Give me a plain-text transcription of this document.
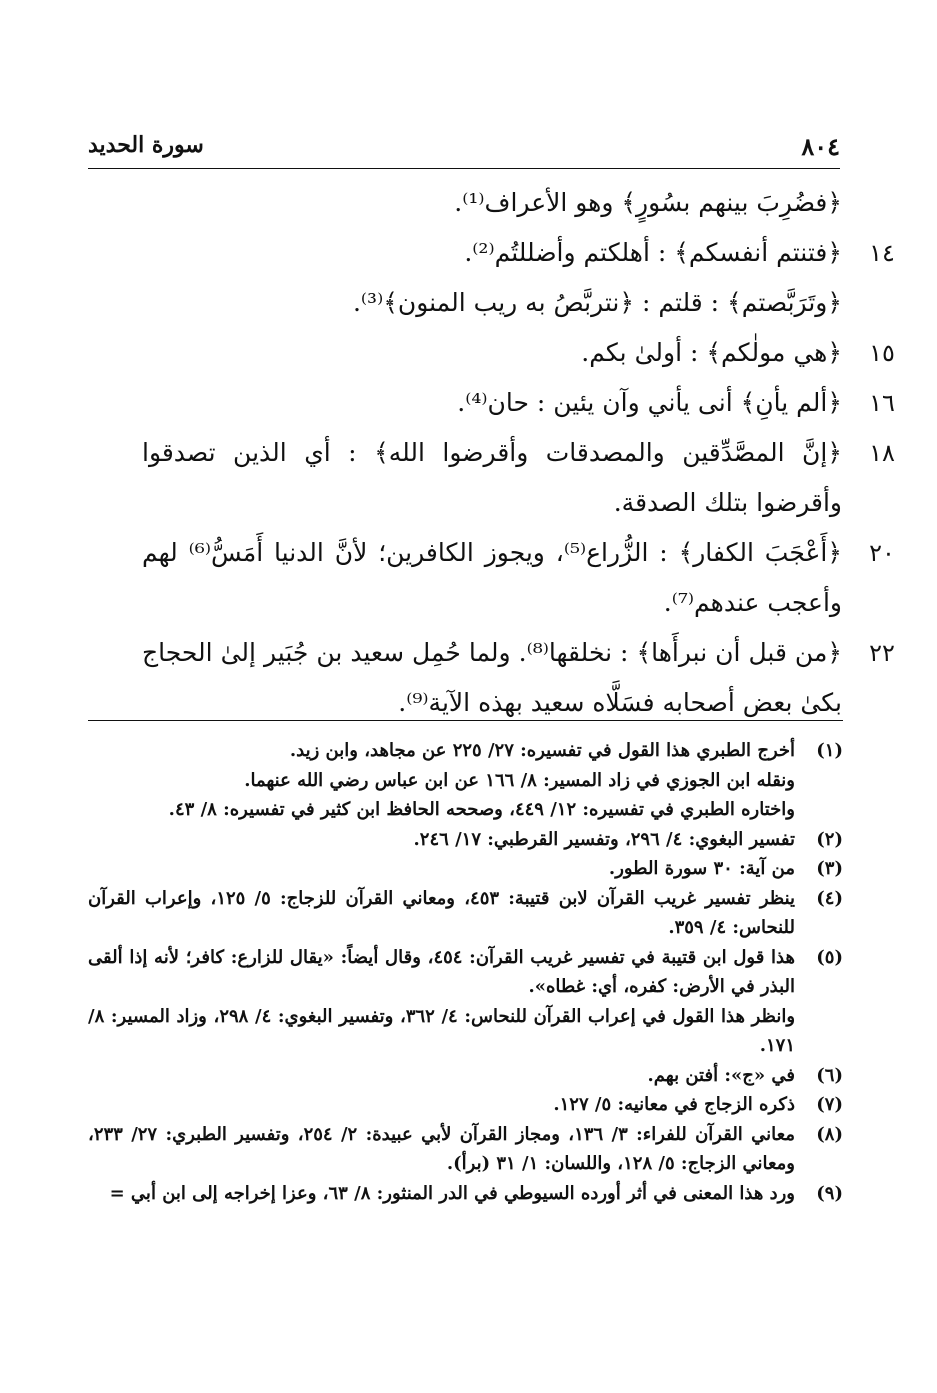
٨٠٤
سورة الحديد
﴿فضُرِبَ بينهم بسُورٍ﴾ وهو الأعراف⁽¹⁾.
١٤
﴿فتنتم أنفسكم﴾ : أهلكتم وأضللتُم⁽²⁾.
﴿وتَرَبَّصتم﴾ : قلتم : ﴿نتربَّصُ به ريب المنون﴾⁽³⁾.
١٥
﴿هي مولٰكم﴾ : أولىٰ بكم.
١٦
﴿ألم يأنِ﴾ أنى يأني وآن يئين : حان⁽⁴⁾.
١٨
﴿إنَّ المصَّدِّقين والمصدقات وأقرضوا الله﴾ : أي الذين تصدقوا وأقرضوا بتلك الصدقة.
٢٠
﴿أَعْجَبَ الكفار﴾ : الزُّراع⁽⁵⁾، ويجوز الكافرين؛ لأنَّ الدنيا أَمَسُّ⁽⁶⁾ لهم وأعجب عندهم⁽⁷⁾.
٢٢
﴿من قبل أن نبرأَها﴾ : نخلقها⁽⁸⁾. ولما حُمِل سعيد بن جُبَير إلىٰ الحجاج بكىٰ بعض أصحابه فسَلَّاه سعيد بهذه الآية⁽⁹⁾.
(١)
أخرج الطبري هذا القول في تفسيره: ٢٧/ ٢٢٥ عن مجاهد، وابن زيد.
ونقله ابن الجوزي في زاد المسير: ٨/ ١٦٦ عن ابن عباس رضي الله عنهما.
واختاره الطبري في تفسيره: ١٢/ ٤٤٩، وصححه الحافظ ابن كثير في تفسيره: ٨/ ٤٣.
(٢)
تفسير البغوي: ٤/ ٢٩٦، وتفسير القرطبي: ١٧/ ٢٤٦.
(٣)
من آية: ٣٠ سورة الطور.
(٤)
ينظر تفسير غريب القرآن لابن قتيبة: ٤٥٣، ومعاني القرآن للزجاج: ٥/ ١٢٥، وإعراب القرآن للنحاس: ٤/ ٣٥٩.
(٥)
هذا قول ابن قتيبة في تفسير غريب القرآن: ٤٥٤، وقال أيضاً: «يقال للزارع: كافر؛ لأنه إذا ألقى البذر في الأرض: كفره، أي: غطاه».
وانظر هذا القول في إعراب القرآن للنحاس: ٤/ ٣٦٢، وتفسير البغوي: ٤/ ٢٩٨، وزاد المسير: ٨/ ١٧١.
(٦)
في «ج»: أفتن بهم.
(٧)
ذكره الزجاج في معانيه: ٥/ ١٢٧.
(٨)
معاني القرآن للفراء: ٣/ ١٣٦، ومجاز القرآن لأبي عبيدة: ٢/ ٢٥٤، وتفسير الطبري: ٢٧/ ٢٣٣، ومعاني الزجاج: ٥/ ١٢٨، واللسان: ١/ ٣١ (برأ).
(٩)
ورد هذا المعنى في أثر أورده السيوطي في الدر المنثور: ٨/ ٦٣، وعزا إخراجه إلى ابن أبي =
